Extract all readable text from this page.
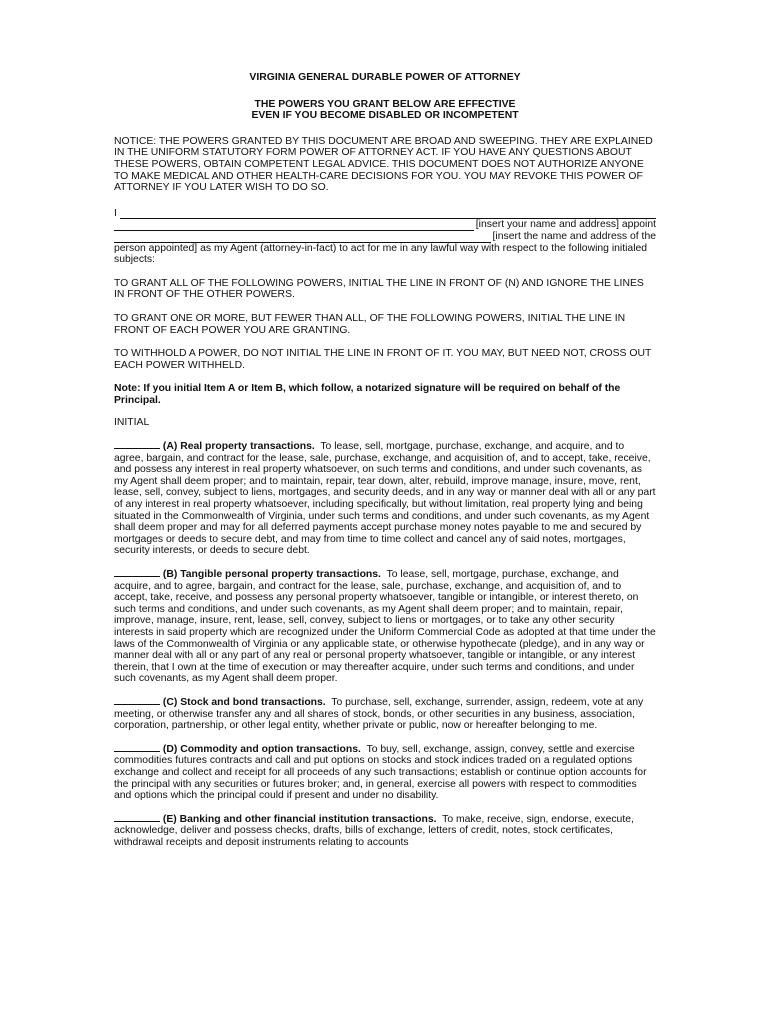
VIRGINIA GENERAL DURABLE POWER OF ATTORNEY

THE POWERS YOU GRANT BELOW ARE EFFECTIVE
EVEN IF YOU BECOME DISABLED OR INCOMPETENT

NOTICE: THE POWERS GRANTED BY THIS DOCUMENT ARE BROAD AND SWEEPING. THEY ARE EXPLAINED IN THE UNIFORM STATUTORY FORM POWER OF ATTORNEY ACT. IF YOU HAVE ANY QUESTIONS ABOUT THESE POWERS, OBTAIN COMPETENT LEGAL ADVICE. THIS DOCUMENT DOES NOT AUTHORIZE ANYONE TO MAKE MEDICAL AND OTHER HEALTH-CARE DECISIONS FOR YOU. YOU MAY REVOKE THIS POWER OF ATTORNEY IF YOU LATER WISH TO DO SO.

I
[insert your name and address] appoint
[insert the name and address of the

person appointed] as my Agent (attorney-in-fact) to act for me in any lawful way with respect to the following initialed subjects:

TO GRANT ALL OF THE FOLLOWING POWERS, INITIAL THE LINE IN FRONT OF (N) AND IGNORE THE LINES IN FRONT OF THE OTHER POWERS.

TO GRANT ONE OR MORE, BUT FEWER THAN ALL, OF THE FOLLOWING POWERS, INITIAL THE LINE IN FRONT OF EACH POWER YOU ARE GRANTING.

TO WITHHOLD A POWER, DO NOT INITIAL THE LINE IN FRONT OF IT. YOU MAY, BUT NEED NOT, CROSS OUT EACH POWER WITHHELD.

Note: If you initial Item A or Item B, which follow, a notarized signature will be required on behalf of the Principal.

INITIAL

(A) Real property transactions. To lease, sell, mortgage, purchase, exchange, and acquire, and to agree, bargain, and contract for the lease, sale, purchase, exchange, and acquisition of, and to accept, take, receive, and possess any interest in real property whatsoever, on such terms and conditions, and under such covenants, as my Agent shall deem proper; and to maintain, repair, tear down, alter, rebuild, improve manage, insure, move, rent, lease, sell, convey, subject to liens, mortgages, and security deeds, and in any way or manner deal with all or any part of any interest in real property whatsoever, including specifically, but without limitation, real property lying and being situated in the Commonwealth of Virginia, under such terms and conditions, and under such covenants, as my Agent shall deem proper and may for all deferred payments accept purchase money notes payable to me and secured by mortgages or deeds to secure debt, and may from time to time collect and cancel any of said notes, mortgages, security interests, or deeds to secure debt.

(B) Tangible personal property transactions. To lease, sell, mortgage, purchase, exchange, and acquire, and to agree, bargain, and contract for the lease, sale, purchase, exchange, and acquisition of, and to accept, take, receive, and possess any personal property whatsoever, tangible or intangible, or interest thereto, on such terms and conditions, and under such covenants, as my Agent shall deem proper; and to maintain, repair, improve, manage, insure, rent, lease, sell, convey, subject to liens or mortgages, or to take any other security interests in said property which are recognized under the Uniform Commercial Code as adopted at that time under the laws of the Commonwealth of Virginia or any applicable state, or otherwise hypothecate (pledge), and in any way or manner deal with all or any part of any real or personal property whatsoever, tangible or intangible, or any interest therein, that I own at the time of execution or may thereafter acquire, under such terms and conditions, and under such covenants, as my Agent shall deem proper.

(C) Stock and bond transactions. To purchase, sell, exchange, surrender, assign, redeem, vote at any meeting, or otherwise transfer any and all shares of stock, bonds, or other securities in any business, association, corporation, partnership, or other legal entity, whether private or public, now or hereafter belonging to me.

(D) Commodity and option transactions. To buy, sell, exchange, assign, convey, settle and exercise commodities futures contracts and call and put options on stocks and stock indices traded on a regulated options exchange and collect and receipt for all proceeds of any such transactions; establish or continue option accounts for the principal with any securities or futures broker; and, in general, exercise all powers with respect to commodities and options which the principal could if present and under no disability.

(E) Banking and other financial institution transactions. To make, receive, sign, endorse, execute, acknowledge, deliver and possess checks, drafts, bills of exchange, letters of credit, notes, stock certificates, withdrawal receipts and deposit instruments relating to accounts
